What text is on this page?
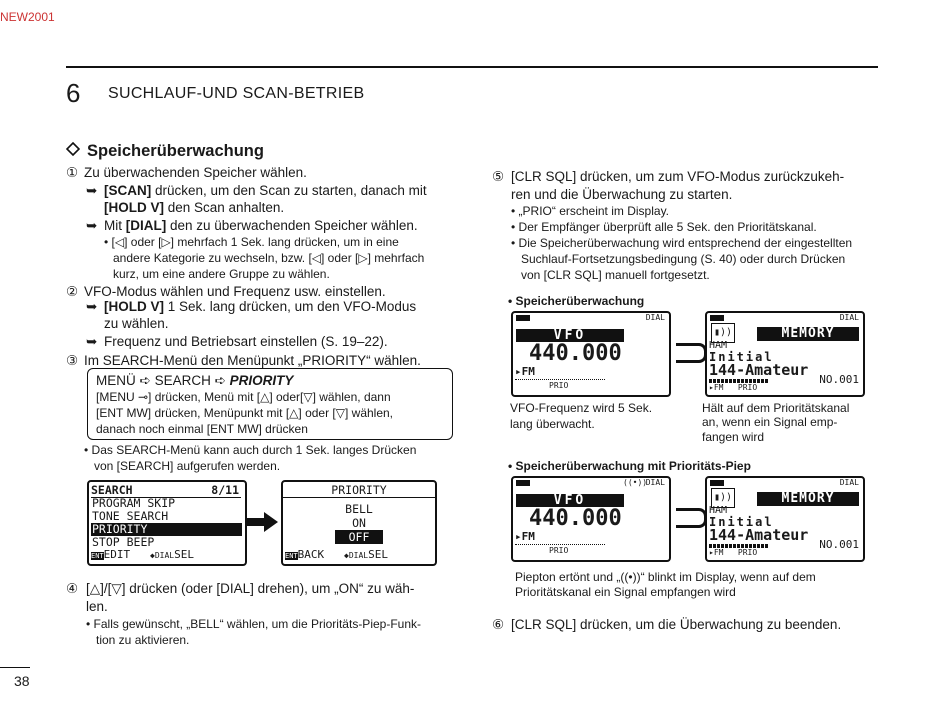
NEW2001
6 SUCHLAUF-UND SCAN-BETRIEB
Speicherüberwachung
① Zu überwachenden Speicher wählen.
➥ [SCAN] drücken, um den Scan zu starten, danach mit
[HOLD V] den Scan anhalten.
➥ Mit [DIAL] den zu überwachenden Speicher wählen.
• [◁] oder [▷] mehrfach 1 Sek. lang drücken, um in eine
andere Kategorie zu wechseln, bzw. [◁] oder [▷] mehrfach
kurz, um eine andere Gruppe zu wählen.
② VFO-Modus wählen und Frequenz usw. einstellen.
➥ [HOLD V] 1 Sek. lang drücken, um den VFO-Modus
zu wählen.
➥ Frequenz und Betriebsart einstellen (S. 19–22).
③ Im SEARCH-Menü den Menüpunkt „PRIORITY“ wählen.
MENÜ ➪ SEARCH ➪ PRIORITY
[MENU ⊸] drücken, Menü mit [△] oder[▽] wählen, dann
[ENT MW] drücken, Menüpunkt mit [△] oder [▽] wählen,
danach noch einmal [ENT MW] drücken
• Das SEARCH-Menü kann auch durch 1 Sek. langes Drücken
von [SEARCH] aufgerufen werden.
SEARCH	8/11
PROGRAM SKIP
TONE SEARCH
PRIORITY
STOP BEEP
ENTEDIT ◆DIALSEL
PRIORITY
BELL
ON
OFF
ENTBACK ◆DIALSEL
④ [△]/[▽] drücken (oder [DIAL] drehen), um „ON“ zu wäh-
len.
• Falls gewünscht, „BELL“ wählen, um die Prioritäts-Piep-Funk-
tion zu aktivieren.
38
⑤ [CLR SQL] drücken, um zum VFO-Modus zurückzukeh-
ren und die Überwachung zu starten.
• „PRIO“ erscheint im Display.
• Der Empfänger überprüft alle 5 Sek. den Prioritätskanal.
• Die Speicherüberwachung wird entsprechend der eingestellten
Suchlauf-Fortsetzungsbedingung (S. 40) oder durch Drücken
von [CLR SQL] manuell fortgesetzt.
• Speicherüberwachung
DIAL
VFO
440.000
▸FM
PRIO
DIAL
▮))	MEMORY
HAM
Initial
144-Amateur
NO.001
▸FM PRIO
VFO-Frequenz wird 5 Sek.
lang überwacht.
Hält auf dem Prioritätskanal
an, wenn ein Signal emp-
fangen wird
• Speicherüberwachung mit Prioritäts-Piep
((•))
DIAL
VFO
440.000
▸FM
PRIO
DIAL
▮))	MEMORY
HAM
Initial
144-Amateur
NO.001
▸FM PRIO
Piepton ertönt und „((•))“ blinkt im Display, wenn auf dem
Prioritätskanal ein Signal empfangen wird
⑥ [CLR SQL] drücken, um die Überwachung zu beenden.
